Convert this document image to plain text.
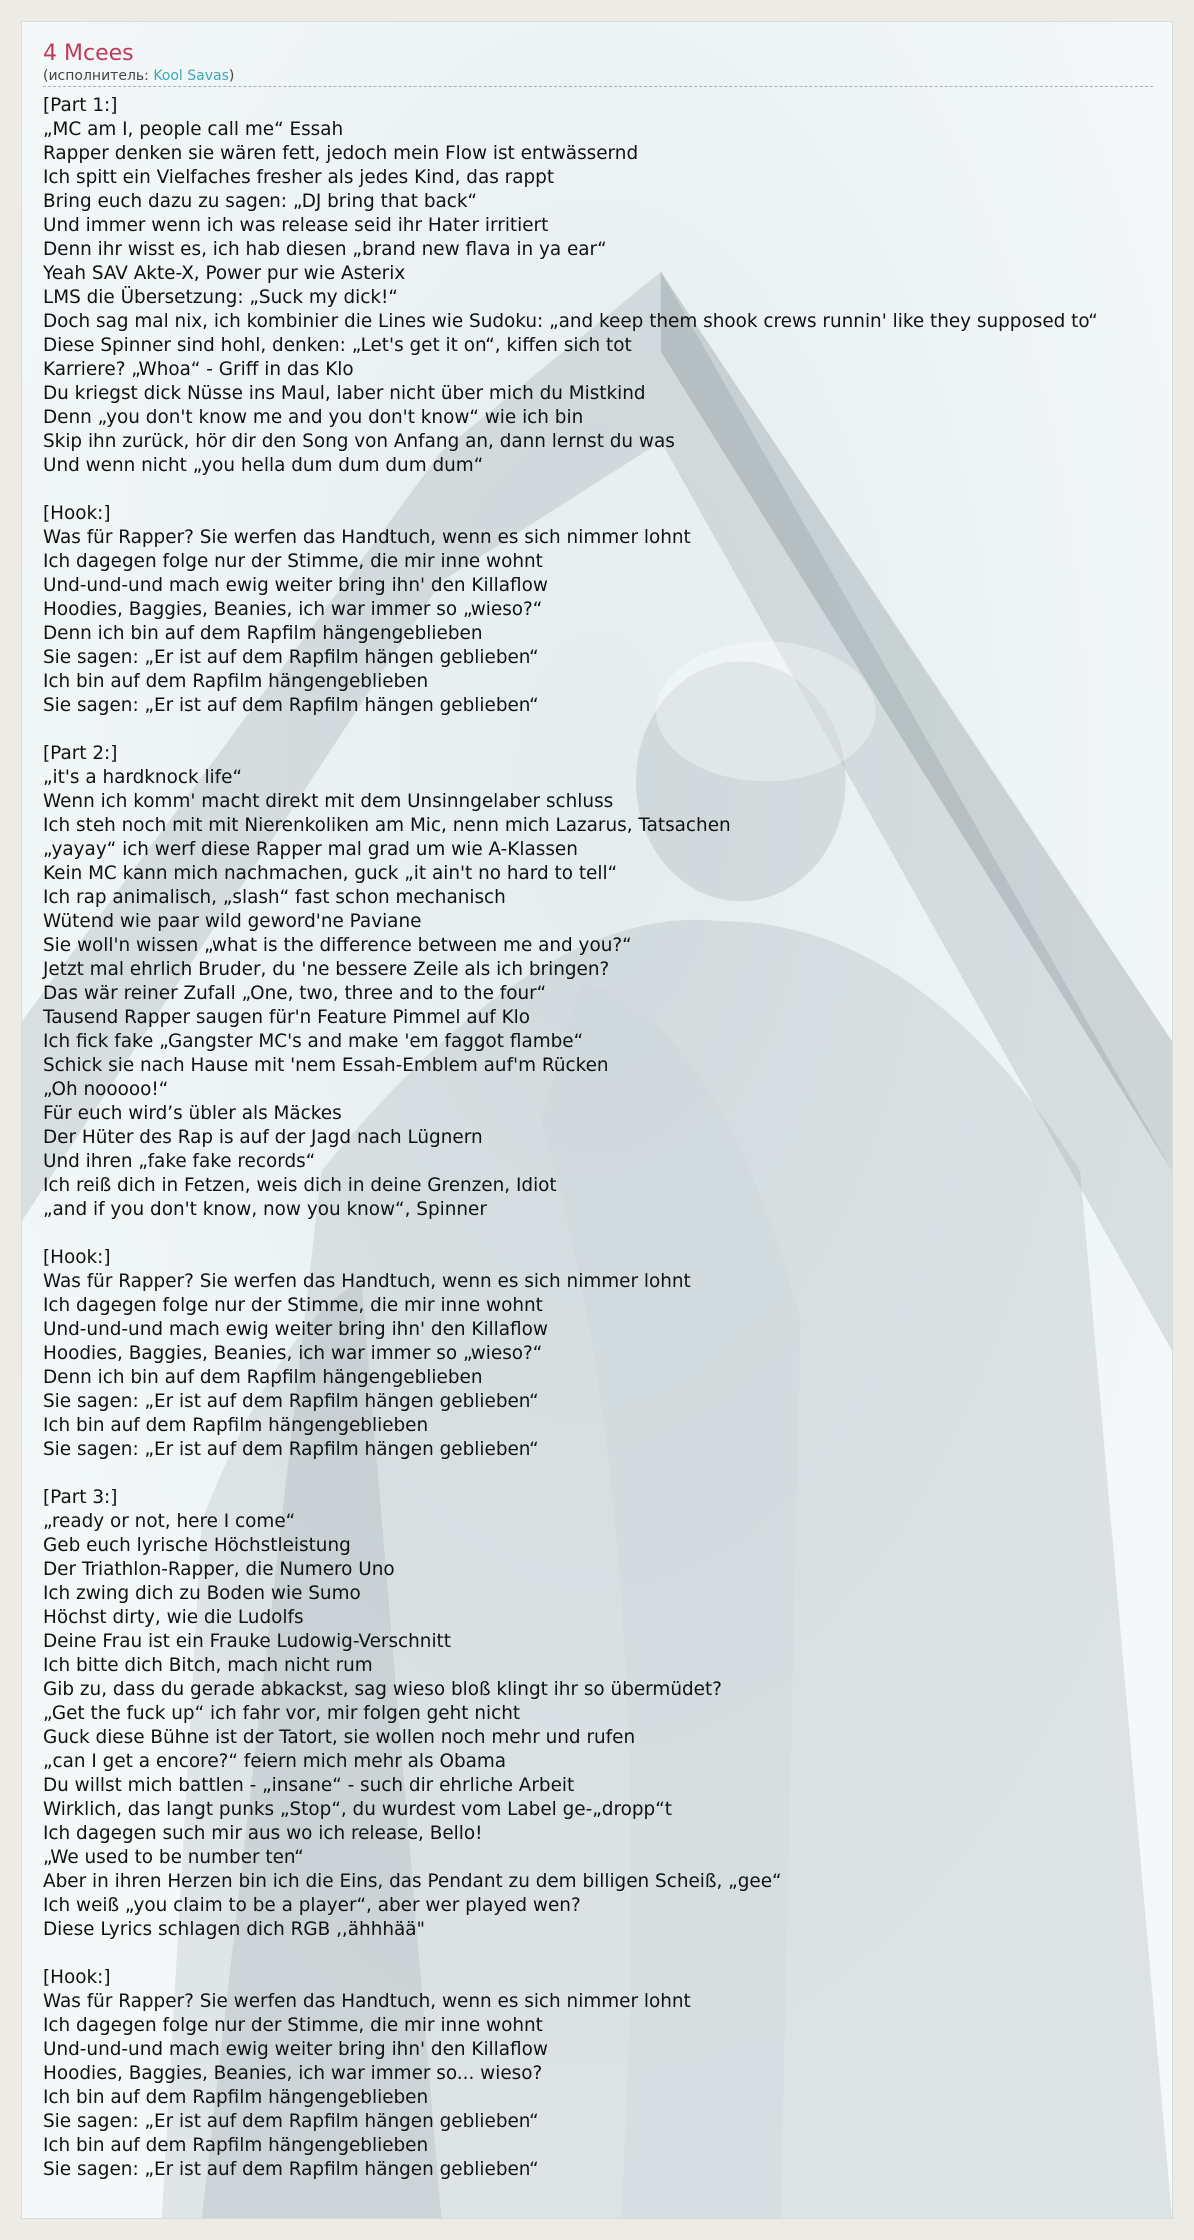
4 Mcees
(исполнитель: Kool Savas)
[Part 1:]
„MC am I, people call me“ Essah
Rapper denken sie wären fett, jedoch mein Flow ist entwässernd
Ich spitt ein Vielfaches fresher als jedes Kind, das rappt
Bring euch dazu zu sagen: „DJ bring that back“
Und immer wenn ich was release seid ihr Hater irritiert
Denn ihr wisst es, ich hab diesen „brand new flava in ya ear“
Yeah SAV Akte-X, Power pur wie Asterix
LMS die Übersetzung: „Suck my dick!“
Doch sag mal nix, ich kombinier die Lines wie Sudoku: „and keep them shook crews runnin' like they supposed to“
Diese Spinner sind hohl, denken: „Let's get it on“, kiffen sich tot
Karriere? „Whoa“ - Griff in das Klo
Du kriegst dick Nüsse ins Maul, laber nicht über mich du Mistkind
Denn „you don't know me and you don't know“ wie ich bin
Skip ihn zurück, hör dir den Song von Anfang an, dann lernst du was
Und wenn nicht „you hella dum dum dum dum“

[Hook:]
Was für Rapper? Sie werfen das Handtuch, wenn es sich nimmer lohnt
Ich dagegen folge nur der Stimme, die mir inne wohnt
Und-und-und mach ewig weiter bring ihn' den Killaflow
Hoodies, Baggies, Beanies, ich war immer so „wieso?“
Denn ich bin auf dem Rapfilm hängengeblieben
Sie sagen: „Er ist auf dem Rapfilm hängen geblieben“
Ich bin auf dem Rapfilm hängengeblieben
Sie sagen: „Er ist auf dem Rapfilm hängen geblieben“

[Part 2:]
„it's a hardknock life“
Wenn ich komm' macht direkt mit dem Unsinngelaber schluss
Ich steh noch mit mit Nierenkoliken am Mic, nenn mich Lazarus, Tatsachen
„yayay“ ich werf diese Rapper mal grad um wie A-Klassen
Kein MC kann mich nachmachen, guck „it ain't no hard to tell“
Ich rap animalisch, „slash“ fast schon mechanisch
Wütend wie paar wild geword'ne Paviane
Sie woll'n wissen „what is the difference between me and you?“
Jetzt mal ehrlich Bruder, du 'ne bessere Zeile als ich bringen?
Das wär reiner Zufall „One, two, three and to the four“
Tausend Rapper saugen für'n Feature Pimmel auf Klo
Ich fick fake „Gangster MC's and make 'em faggot flambe“
Schick sie nach Hause mit 'nem Essah-Emblem auf'm Rücken
„Oh nooooo!“
Für euch wird’s übler als Mäckes
Der Hüter des Rap is auf der Jagd nach Lügnern
Und ihren „fake fake records“
Ich reiß dich in Fetzen, weis dich in deine Grenzen, Idiot
„and if you don't know, now you know“, Spinner

[Hook:]
Was für Rapper? Sie werfen das Handtuch, wenn es sich nimmer lohnt
Ich dagegen folge nur der Stimme, die mir inne wohnt
Und-und-und mach ewig weiter bring ihn' den Killaflow
Hoodies, Baggies, Beanies, ich war immer so „wieso?“
Denn ich bin auf dem Rapfilm hängengeblieben
Sie sagen: „Er ist auf dem Rapfilm hängen geblieben“
Ich bin auf dem Rapfilm hängengeblieben
Sie sagen: „Er ist auf dem Rapfilm hängen geblieben“

[Part 3:]
„ready or not, here I come“
Geb euch lyrische Höchstleistung
Der Triathlon-Rapper, die Numero Uno
Ich zwing dich zu Boden wie Sumo
Höchst dirty, wie die Ludolfs
Deine Frau ist ein Frauke Ludowig-Verschnitt
Ich bitte dich Bitch, mach nicht rum
Gib zu, dass du gerade abkackst, sag wieso bloß klingt ihr so übermüdet?
„Get the fuck up“ ich fahr vor, mir folgen geht nicht
Guck diese Bühne ist der Tatort, sie wollen noch mehr und rufen
„can I get a encore?“ feiern mich mehr als Obama
Du willst mich battlen - „insane“ - such dir ehrliche Arbeit
Wirklich, das langt punks „Stop“, du wurdest vom Label ge-„dropp“t
Ich dagegen such mir aus wo ich release, Bello!
„We used to be number ten“
Aber in ihren Herzen bin ich die Eins, das Pendant zu dem billigen Scheiß, „gee“
Ich weiß „you claim to be a player“, aber wer played wen?
Diese Lyrics schlagen dich RGB ,,ähhhää"

[Hook:]
Was für Rapper? Sie werfen das Handtuch, wenn es sich nimmer lohnt
Ich dagegen folge nur der Stimme, die mir inne wohnt
Und-und-und mach ewig weiter bring ihn' den Killaflow
Hoodies, Baggies, Beanies, ich war immer so... wieso?
Ich bin auf dem Rapfilm hängengeblieben
Sie sagen: „Er ist auf dem Rapfilm hängen geblieben“
Ich bin auf dem Rapfilm hängengeblieben
Sie sagen: „Er ist auf dem Rapfilm hängen geblieben“
